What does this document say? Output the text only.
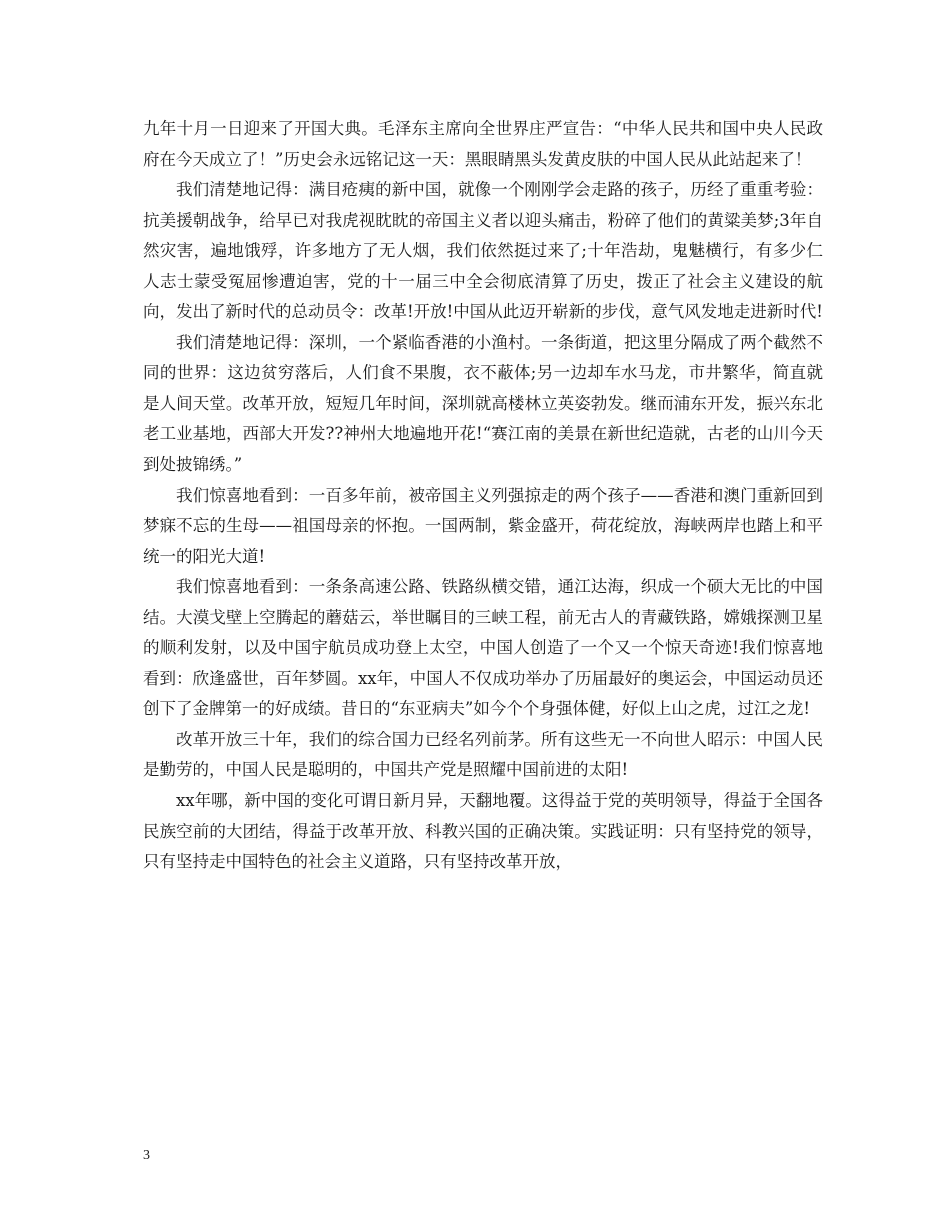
九年十月一日迎来了开国大典。毛泽东主席向全世界庄严宣告：“中华人民共和国中央人民政府在今天成立了！”历史会永远铭记这一天：黑眼睛黑头发黄皮肤的中国人民从此站起来了！

我们清楚地记得：满目疮痍的新中国，就像一个刚刚学会走路的孩子，历经了重重考验：抗美援朝战争，给早已对我虎视眈眈的帝国主义者以迎头痛击，粉碎了他们的黄粱美梦;3年自然灾害，遍地饿殍，许多地方了无人烟，我们依然挺过来了;十年浩劫，鬼魅横行，有多少仁人志士蒙受冤屈惨遭迫害，党的十一届三中全会彻底清算了历史，拨正了社会主义建设的航向，发出了新时代的总动员令：改革!开放!中国从此迈开崭新的步伐，意气风发地走进新时代!

我们清楚地记得：深圳，一个紧临香港的小渔村。一条街道，把这里分隔成了两个截然不同的世界：这边贫穷落后，人们食不果腹，衣不蔽体;另一边却车水马龙，市井繁华，简直就是人间天堂。改革开放，短短几年时间，深圳就高楼林立英姿勃发。继而浦东开发，振兴东北老工业基地，西部大开发??神州大地遍地开花!“赛江南的美景在新世纪造就，古老的山川今天到处披锦绣。”

我们惊喜地看到：一百多年前，被帝国主义列强掠走的两个孩子——香港和澳门重新回到梦寐不忘的生母——祖国母亲的怀抱。一国两制，紫金盛开，荷花绽放，海峡两岸也踏上和平统一的阳光大道!

我们惊喜地看到：一条条高速公路、铁路纵横交错，通江达海，织成一个硕大无比的中国结。大漠戈壁上空腾起的蘑菇云，举世瞩目的三峡工程，前无古人的青藏铁路，嫦娥探测卫星的顺利发射，以及中国宇航员成功登上太空，中国人创造了一个又一个惊天奇迹!我们惊喜地看到：欣逢盛世，百年梦圆。xx年，中国人不仅成功举办了历届最好的奥运会，中国运动员还创下了金牌第一的好成绩。昔日的“东亚病夫”如今个个身强体健，好似上山之虎，过江之龙!

改革开放三十年，我们的综合国力已经名列前茅。所有这些无一不向世人昭示：中国人民是勤劳的，中国人民是聪明的，中国共产党是照耀中国前进的太阳!

xx年哪，新中国的变化可谓日新月异，天翻地覆。这得益于党的英明领导，得益于全国各民族空前的大团结，得益于改革开放、科教兴国的正确决策。实践证明：只有坚持党的领导，只有坚持走中国特色的社会主义道路，只有坚持改革开放，

3
